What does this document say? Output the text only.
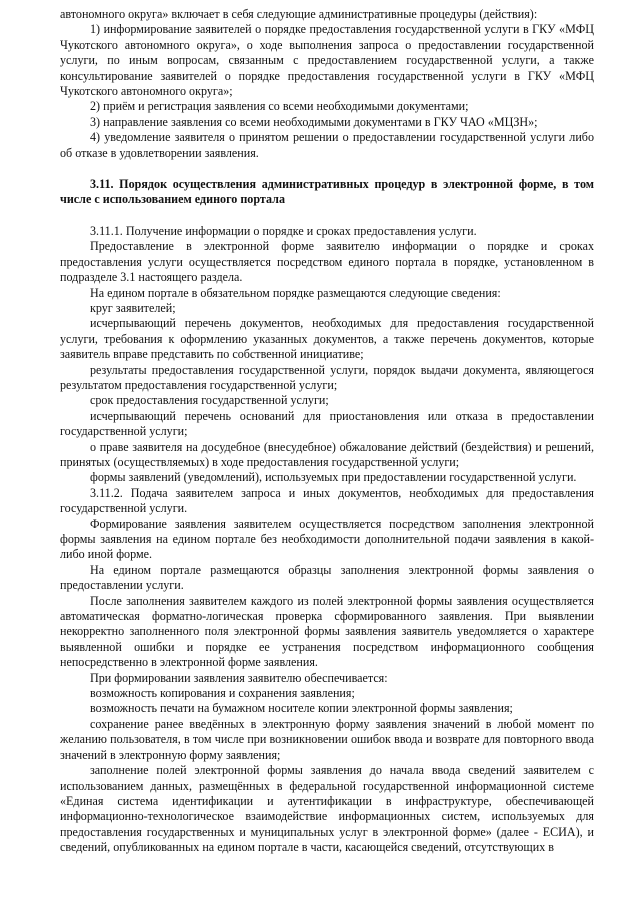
автономного округа» включает в себя следующие административные процедуры (действия):

1) информирование заявителей о порядке предоставления государственной услуги в ГКУ «МФЦ Чукотского автономного округа», о ходе выполнения запроса о предоставлении государственной услуги, по иным вопросам, связанным с предоставлением государственной услуги, а также консультирование заявителей о порядке предоставления государственной услуги в ГКУ «МФЦ Чукотского автономного округа»;

2) приём и регистрация заявления со всеми необходимыми документами;

3) направление заявления со всеми необходимыми документами в ГКУ ЧАО «МЦЗН»;

4) уведомление заявителя о принятом решении о предоставлении государственной услуги либо об отказе в удовлетворении заявления.

3.11. Порядок осуществления административных процедур в электронной форме, в том числе с использованием единого портала

3.11.1. Получение информации о порядке и сроках предоставления услуги.

Предоставление в электронной форме заявителю информации о порядке и сроках предоставления услуги осуществляется посредством единого портала в порядке, установленном в подразделе 3.1 настоящего раздела.

На едином портале в обязательном порядке размещаются следующие сведения:

круг заявителей;

исчерпывающий перечень документов, необходимых для предоставления государственной услуги, требования к оформлению указанных документов, а также перечень документов, которые заявитель вправе представить по собственной инициативе;

результаты предоставления государственной услуги, порядок выдачи документа, являющегося результатом предоставления государственной услуги;

срок предоставления государственной услуги;

исчерпывающий перечень оснований для приостановления или отказа в предоставлении государственной услуги;

о праве заявителя на досудебное (внесудебное) обжалование действий (бездействия) и решений, принятых (осуществляемых) в ходе предоставления государственной услуги;

формы заявлений (уведомлений), используемых при предоставлении государственной услуги.

3.11.2. Подача заявителем запроса и иных документов, необходимых для предоставления государственной услуги.

Формирование заявления заявителем осуществляется посредством заполнения электронной формы заявления на едином портале без необходимости дополнительной подачи заявления в какой-либо иной форме.

На едином портале размещаются образцы заполнения электронной формы заявления о предоставлении услуги.

После заполнения заявителем каждого из полей электронной формы заявления осуществляется автоматическая форматно-логическая проверка сформированного заявления. При выявлении некорректно заполненного поля электронной формы заявления заявитель уведомляется о характере выявленной ошибки и порядке ее устранения посредством информационного сообщения непосредственно в электронной форме заявления.

При формировании заявления заявителю обеспечивается:

возможность копирования и сохранения заявления;

возможность печати на бумажном носителе копии электронной формы заявления;

сохранение ранее введённых в электронную форму заявления значений в любой момент по желанию пользователя, в том числе при возникновении ошибок ввода и возврате для повторного ввода значений в электронную форму заявления;

заполнение полей электронной формы заявления до начала ввода сведений заявителем с использованием данных, размещённых в федеральной государственной информационной системе «Единая система идентификации и аутентификации в инфраструктуре, обеспечивающей информационно-технологическое взаимодействие информационных систем, используемых для предоставления государственных и муниципальных услуг в электронной форме» (далее - ЕСИА), и сведений, опубликованных на едином портале в части, касающейся сведений, отсутствующих в
